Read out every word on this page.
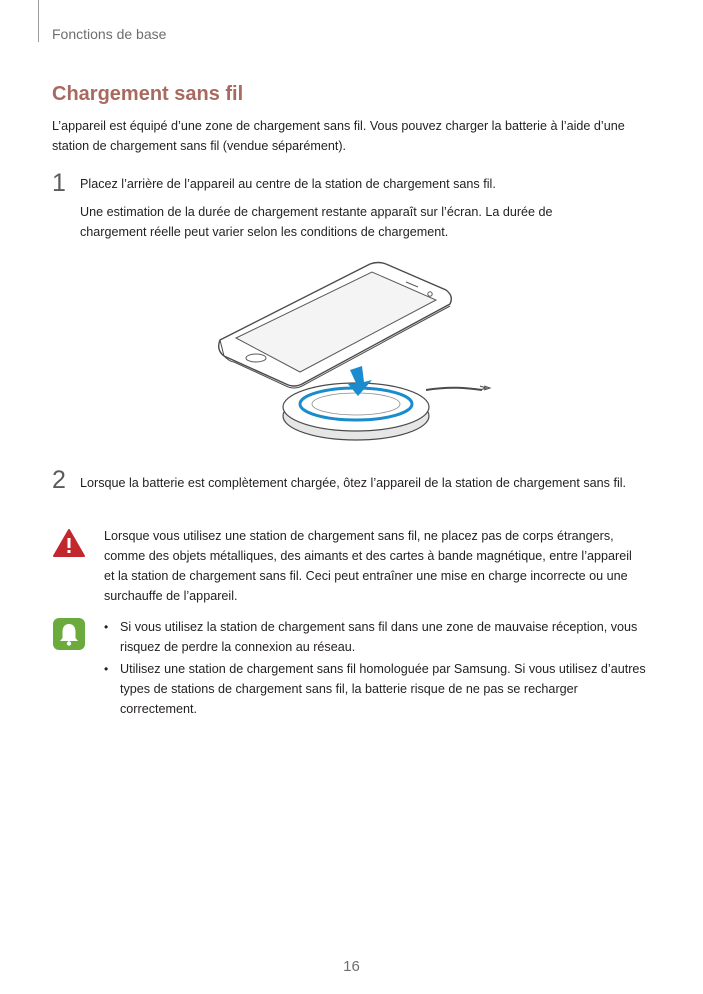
Fonctions de base
Chargement sans fil
L’appareil est équipé d’une zone de chargement sans fil. Vous pouvez charger la batterie à l’aide d’une station de chargement sans fil (vendue séparément).
1 Placez l’arrière de l’appareil au centre de la station de chargement sans fil.
Une estimation de la durée de chargement restante apparaît sur l’écran. La durée de chargement réelle peut varier selon les conditions de chargement.
2 Lorsque la batterie est complètement chargée, ôtez l’appareil de la station de chargement sans fil.
Lorsque vous utilisez une station de chargement sans fil, ne placez pas de corps étrangers, comme des objets métalliques, des aimants et des cartes à bande magnétique, entre l’appareil et la station de chargement sans fil. Ceci peut entraîner une mise en charge incorrecte ou une surchauffe de l’appareil.
• Si vous utilisez la station de chargement sans fil dans une zone de mauvaise réception, vous risquez de perdre la connexion au réseau.
• Utilisez une station de chargement sans fil homologuée par Samsung. Si vous utilisez d’autres types de stations de chargement sans fil, la batterie risque de ne pas se recharger correctement.
16
